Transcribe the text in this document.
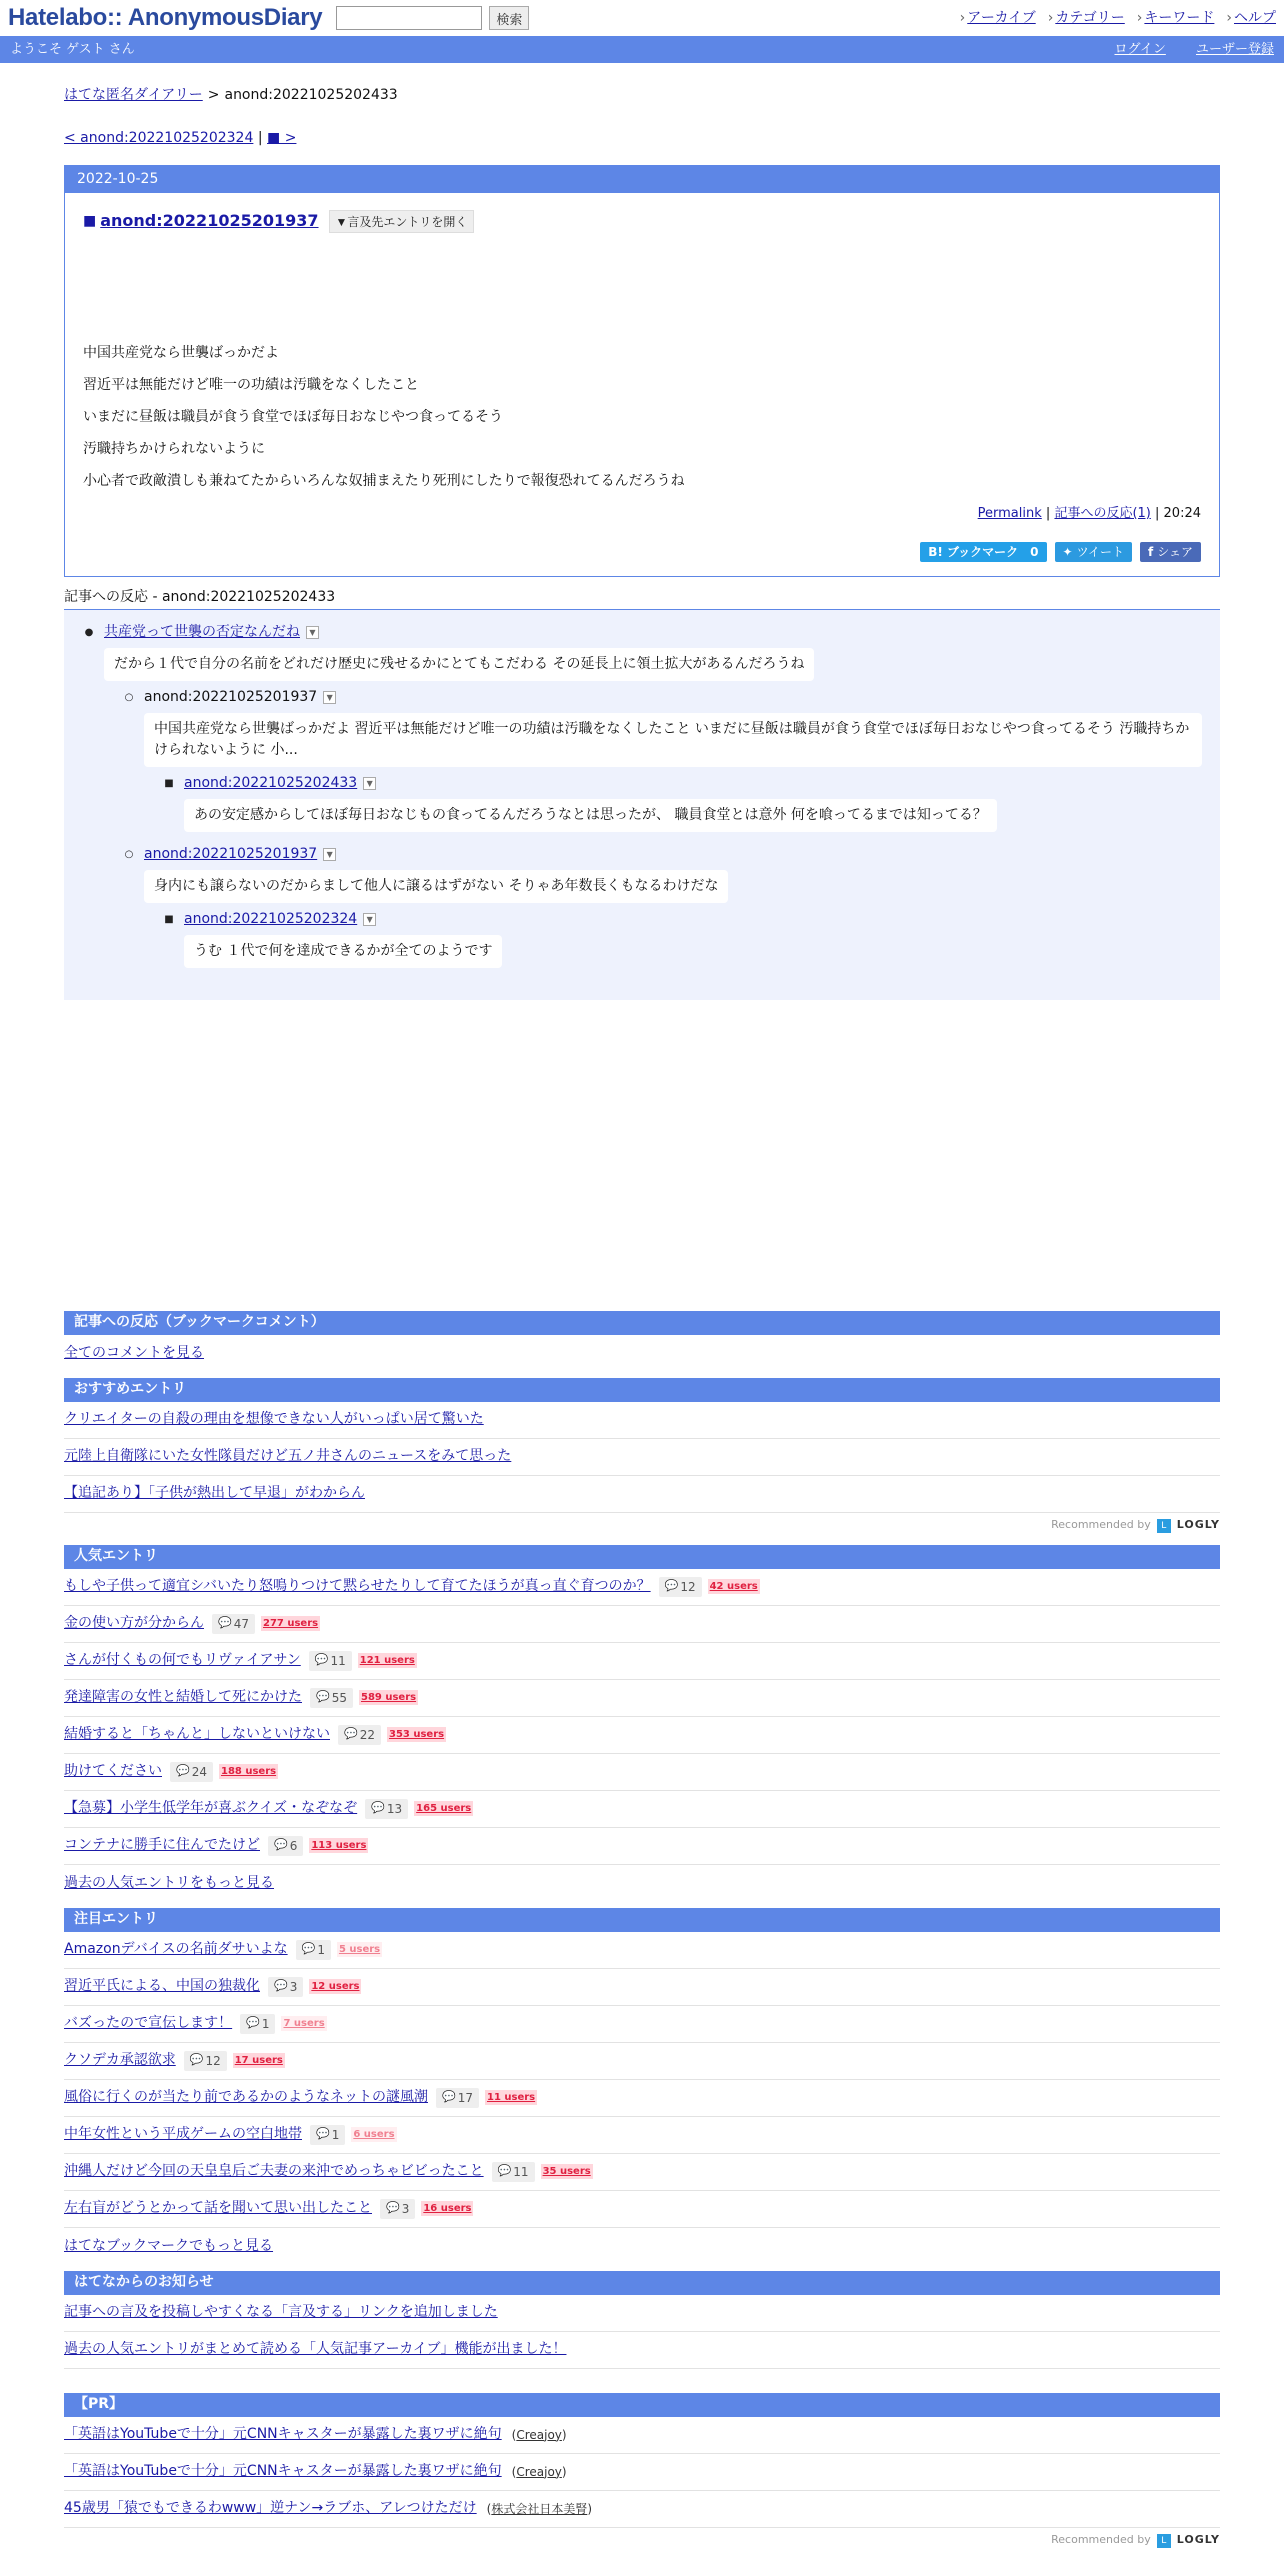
Hatelabo:: AnonymousDiary	検索	› アーカイブ	› カテゴリー	› キーワード	› ヘルプ
ようこそ ゲスト さん	ログイン ユーザー登録
はてな匿名ダイアリー > anond:20221025202433
< anond:20221025202324 | ■ >
2022-10-25
■ anond:20221025201937	▼言及先エントリを開く

中国共産党なら世襲ばっかだよ

習近平は無能だけど唯一の功績は汚職をなくしたこと

いまだに昼飯は職員が食う食堂でほぼ毎日おなじやつ食ってるそう

汚職持ちかけられないように

小心者で政敵潰しも兼ねてたからいろんな奴捕まえたり死刑にしたりで報復恐れてるんだろうね

Permalink | 記事への反応(1) | 20:24
B! ブックマーク　0	✦ ツイート f シェア
記事への反応 - anond:20221025202433
● 共産党って世襲の否定なんだね	▼
だから１代で自分の名前をどれだけ歴史に残せるかにとてもこだわる その延長上に領土拡大があるんだろうね
○ anond:20221025201937	▼
中国共産党なら世襲ばっかだよ 習近平は無能だけど唯一の功績は汚職をなくしたこと いまだに昼飯は職員が食う食堂でほぼ毎日おなじやつ食ってるそう 汚職持ちかけられないように 小...
■ anond:20221025202433	▼
あの安定感からしてほぼ毎日おなじもの食ってるんだろうなとは思ったが、 職員食堂とは意外 何を喰ってるまでは知ってる？
○ anond:20221025201937	▼
身内にも譲らないのだからまして他人に譲るはずがない そりゃあ年数長くもなるわけだな
■ anond:20221025202324	▼
うむ １代で何を達成できるかが全てのようです
記事への反応（ブックマークコメント）
全てのコメントを見る
おすすめエントリ
クリエイターの自殺の理由を想像できない人がいっぱい居て驚いた
元陸上自衛隊にいた女性隊員だけど五ノ井さんのニュースをみて思った
【追記あり】「子供が熱出して早退」がわからん
Recommended by	L LOGLY
人気エントリ
もしや子供って適宜シバいたり怒鳴りつけて黙らせたりして育てたほうが真っ直ぐ育つのか？ 💬 12 42 users
金の使い方が分からん 💬 47 277 users
さんが付くもの何でもリヴァイアサン 💬 11 121 users
発達障害の女性と結婚して死にかけた 💬 55 589 users
結婚すると「ちゃんと」しないといけない 💬 22 353 users
助けてください 💬 24 188 users
【急募】小学生低学年が喜ぶクイズ・なぞなぞ 💬 13 165 users
コンテナに勝手に住んでたけど 💬 6 113 users
過去の人気エントリをもっと見る
注目エントリ
Amazonデバイスの名前ダサいよな 💬 1 5 users
習近平氏による、中国の独裁化 💬 3 12 users
バズったので宣伝します！ 💬 1 7 users
クソデカ承認欲求 💬 12 17 users
風俗に行くのが当たり前であるかのようなネットの謎風潮 💬 17 11 users
中年女性という平成ゲームの空白地帯 💬 1 6 users
沖縄人だけど今回の天皇皇后ご夫妻の来沖でめっちゃビビったこと 💬 11 35 users
左右盲がどうとかって話を聞いて思い出したこと 💬 3 16 users
はてなブックマークでもっと見る
はてなからのお知らせ
記事への言及を投稿しやすくなる「言及する」リンクを追加しました
過去の人気エントリがまとめて読める「人気記事アーカイブ」機能が出ました！
【PR】
「英語はYouTubeで十分」元CNNキャスターが暴露した裏ワザに絶句 (Creajoy)
「英語はYouTubeで十分」元CNNキャスターが暴露した裏ワザに絶句 (Creajoy)
45歳男「猿でもできるわwww」逆ナン→ラブホ、アレつけただけ (株式会社日本美腎)
Recommended by	L LOGLY
